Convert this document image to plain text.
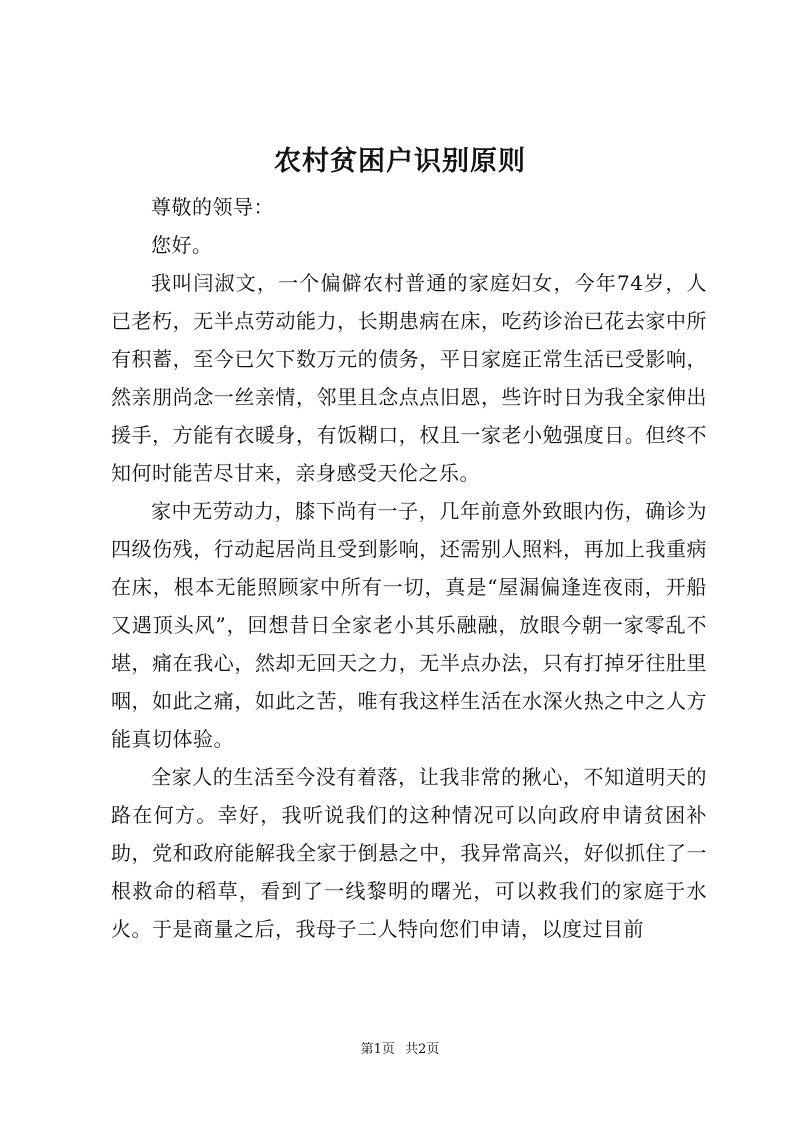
农村贫困户识别原则

尊敬的领导：

您好。

我叫闫淑文，一个偏僻农村普通的家庭妇女，今年74岁，人已老朽，无半点劳动能力，长期患病在床，吃药诊治已花去家中所有积蓄，至今已欠下数万元的债务，平日家庭正常生活已受影响，然亲朋尚念一丝亲情，邻里且念点点旧恩，些许时日为我全家伸出援手，方能有衣暖身，有饭糊口，权且一家老小勉强度日。但终不知何时能苦尽甘来，亲身感受天伦之乐。

家中无劳动力，膝下尚有一子，几年前意外致眼内伤，确诊为四级伤残，行动起居尚且受到影响，还需别人照料，再加上我重病在床，根本无能照顾家中所有一切，真是“屋漏偏逢连夜雨，开船又遇顶头风”，回想昔日全家老小其乐融融，放眼今朝一家零乱不堪，痛在我心，然却无回天之力，无半点办法，只有打掉牙往肚里咽，如此之痛，如此之苦，唯有我这样生活在水深火热之中之人方能真切体验。

全家人的生活至今没有着落，让我非常的揪心，不知道明天的路在何方。幸好，我听说我们的这种情况可以向政府申请贫困补助，党和政府能解我全家于倒悬之中，我异常高兴，好似抓住了一根救命的稻草，看到了一线黎明的曙光，可以救我们的家庭于水火。于是商量之后，我母子二人特向您们申请，以度过目前

第1页 共2页
